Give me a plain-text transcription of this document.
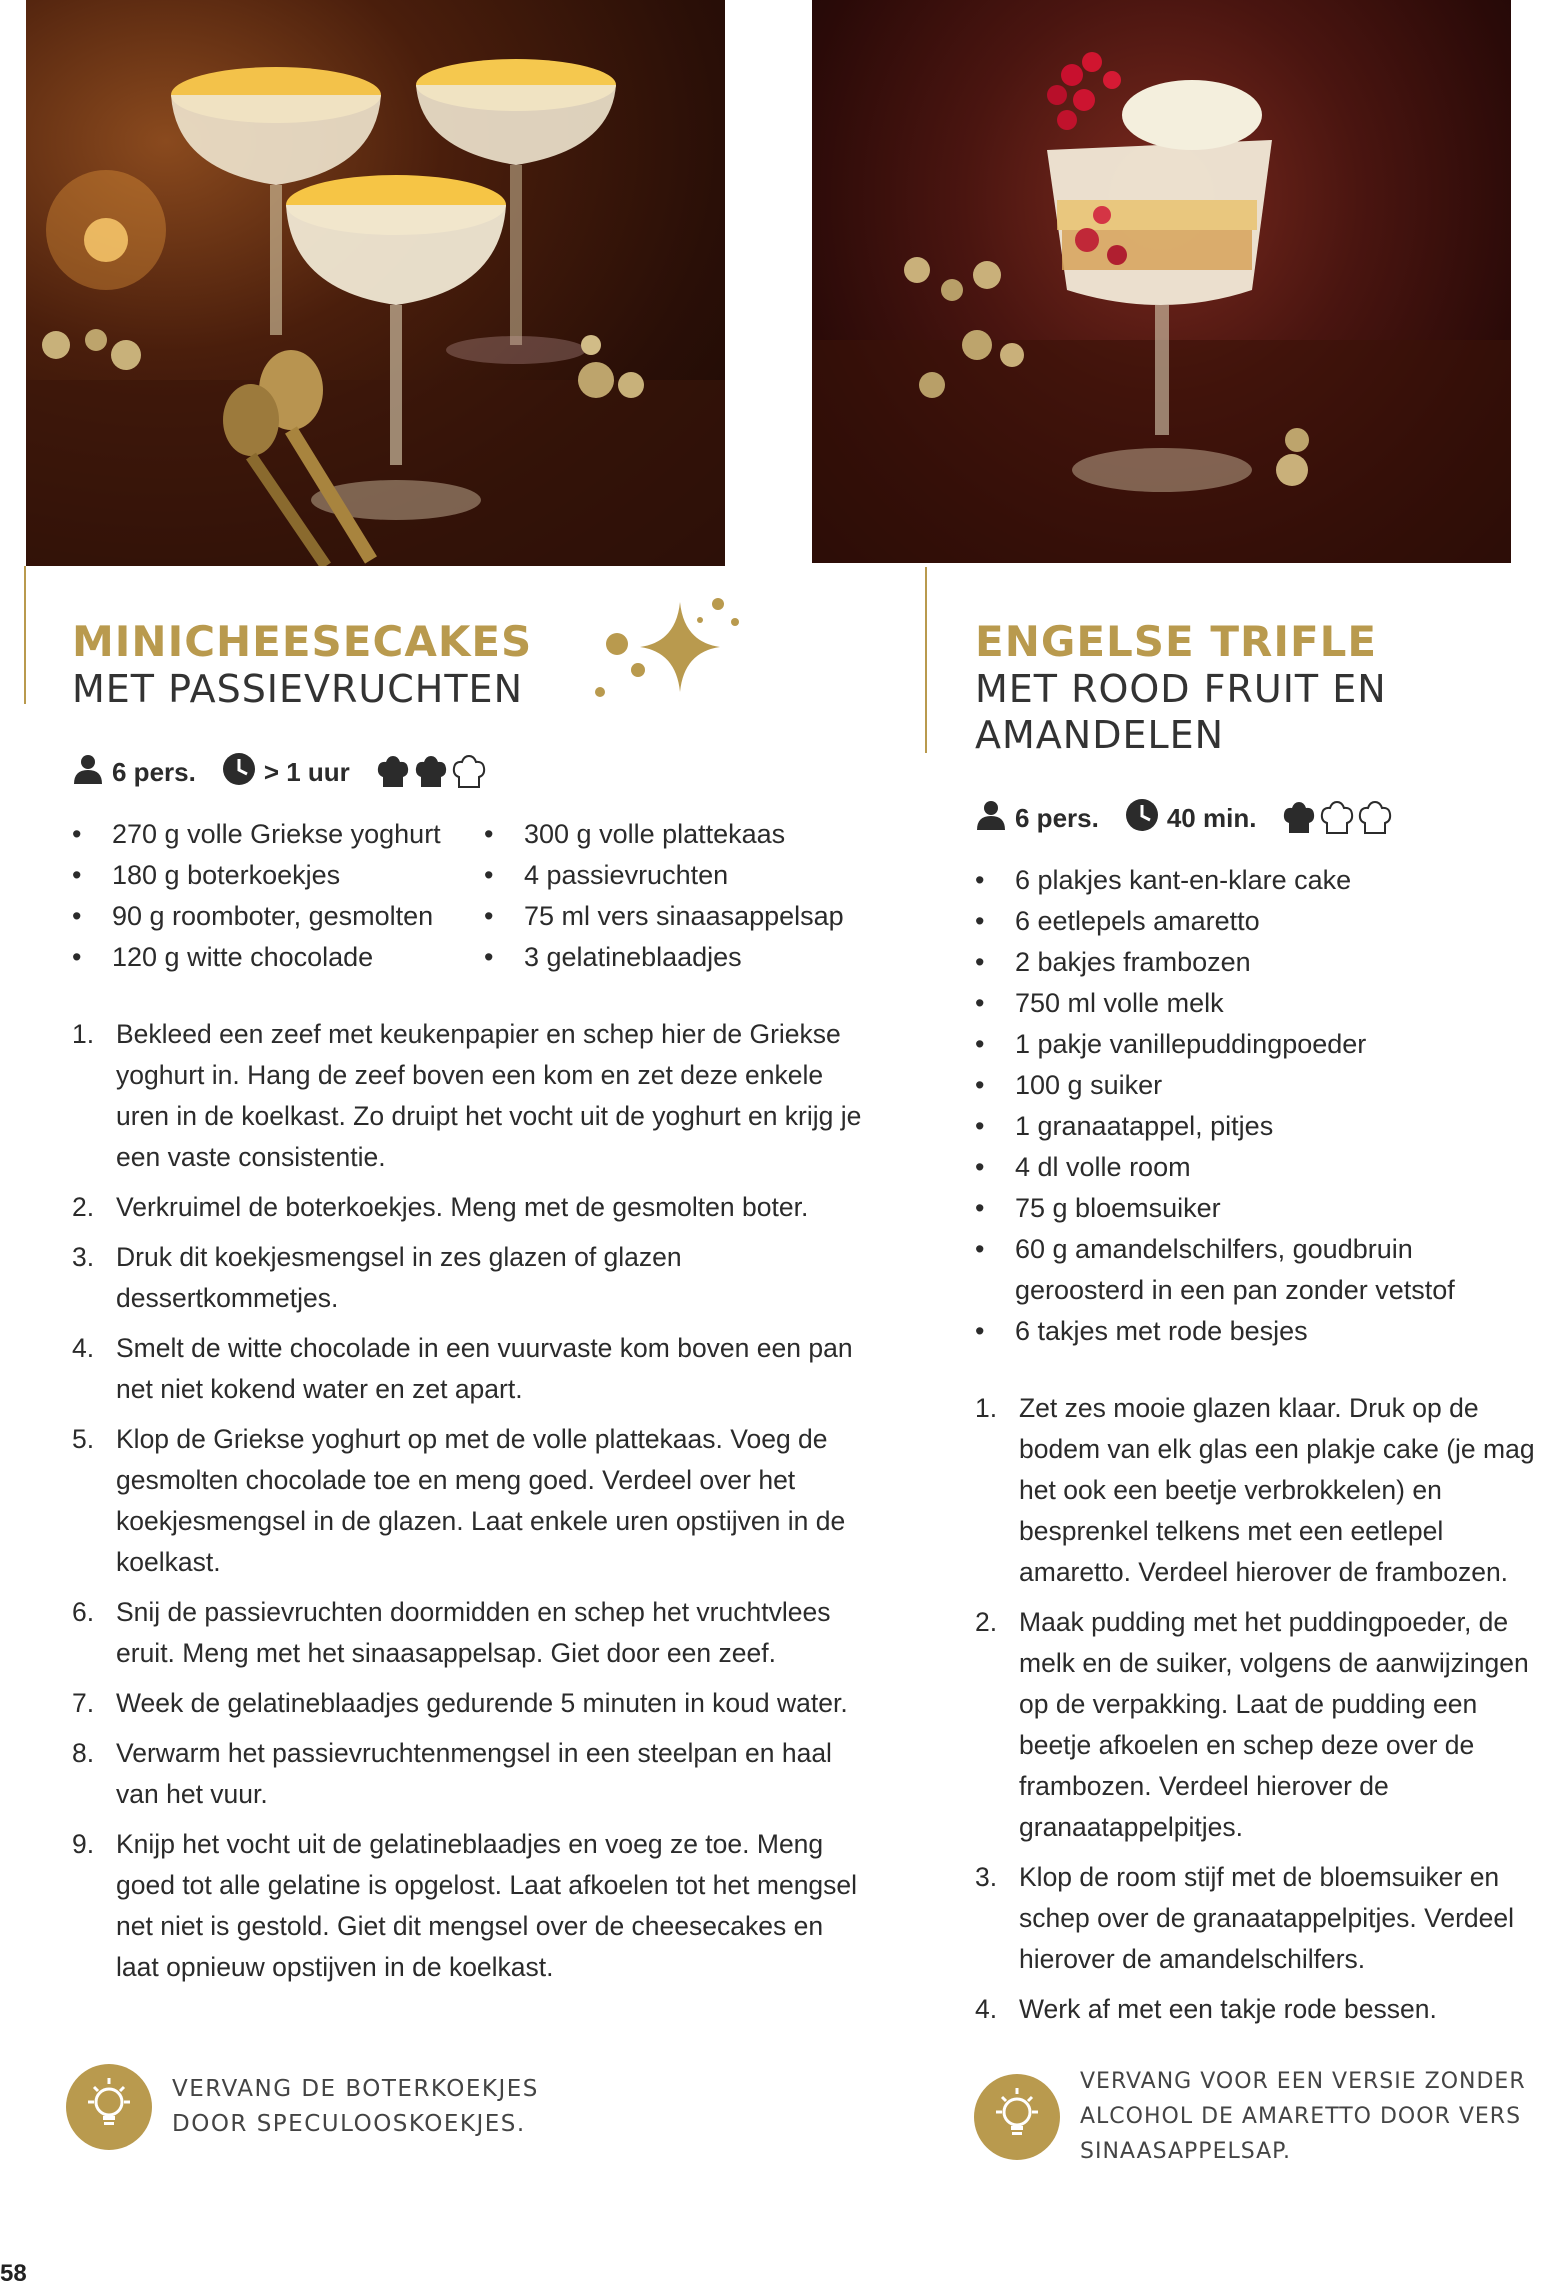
MINICHEESECAKES
MET PASSIEVRUCHTEN
6 pers.	> 1 uur
• 270 g volle Griekse yoghurt
• 180 g boterkoekjes
• 90 g roomboter, gesmolten
• 120 g witte chocolade
• 300 g volle plattekaas
• 4 passievruchten
• 75 ml vers sinaasappelsap
• 3 gelatineblaadjes
1. Bekleed een zeef met keukenpapier en schep hier de Griekse yoghurt in. Hang de zeef boven een kom en zet deze enkele uren in de koelkast. Zo druipt het vocht uit de yoghurt en krijg je een vaste consistentie.
2. Verkruimel de boterkoekjes. Meng met de gesmolten boter.
3. Druk dit koekjesmengsel in zes glazen of glazen dessertkommetjes.
4. Smelt de witte chocolade in een vuurvaste kom boven een pan net niet kokend water en zet apart.
5. Klop de Griekse yoghurt op met de volle plattekaas. Voeg de gesmolten chocolade toe en meng goed. Verdeel over het koekjesmengsel in de glazen. Laat enkele uren opstijven in de koelkast.
6. Snij de passievruchten doormidden en schep het vruchtvlees eruit. Meng met het sinaasappelsap. Giet door een zeef.
7. Week de gelatineblaadjes gedurende 5 minuten in koud water.
8. Verwarm het passievruchtenmengsel in een steelpan en haal van het vuur.
9. Knijp het vocht uit de gelatineblaadjes en voeg ze toe. Meng goed tot alle gelatine is opgelost. Laat afkoelen tot het mengsel net niet is gestold. Giet dit mengsel over de cheesecakes en laat opnieuw opstijven in de koelkast.
VERVANG DE BOTERKOEKJES DOOR SPECULOOSKOEKJES.
ENGELSE TRIFLE
MET ROOD FRUIT EN
AMANDELEN
6 pers.	40 min.
• 6 plakjes kant-en-klare cake
• 6 eetlepels amaretto
• 2 bakjes frambozen
• 750 ml volle melk
• 1 pakje vanillepuddingpoeder
• 100 g suiker
• 1 granaatappel, pitjes
• 4 dl volle room
• 75 g bloemsuiker
• 60 g amandelschilfers, goudbruin
geroosterd in een pan zonder vetstof
• 6 takjes met rode besjes
1. Zet zes mooie glazen klaar. Druk op de bodem van elk glas een plakje cake (je mag het ook een beetje verbrokkelen) en besprenkel telkens met een eetlepel amaretto. Verdeel hierover de frambozen.
2. Maak pudding met het puddingpoeder, de melk en de suiker, volgens de aanwijzingen op de verpakking. Laat de pudding een beetje afkoelen en schep deze over de frambozen. Verdeel hierover de granaatappelpitjes.
3. Klop de room stijf met de bloemsuiker en schep over de granaatappelpitjes. Verdeel hierover de amandelschilfers.
4. Werk af met een takje rode bessen.
VERVANG VOOR EEN VERSIE ZONDER ALCOHOL DE AMARETTO DOOR VERS SINAASAPPELSAP.
58
